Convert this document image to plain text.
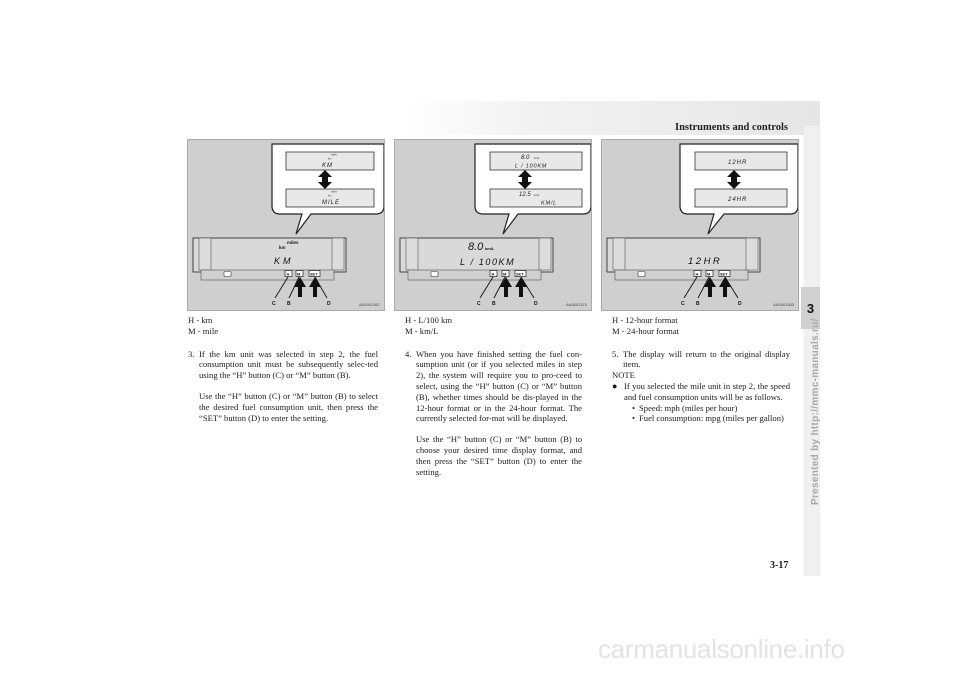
Instruments and controls
3
Presented by http://mmc-manuals.ru/
miles
km
KM
miles
km
MILE
miles
km
KM
H M	SET
C B	D	AA3001367
8.0 km/L
L / 100KM
12.5 km/L
KM/L
8.0 km/L
L / 100KM
H M	SET
C B	D	AA3001370
12HR
24HR
12HR
H M	SET
C B	D	AA3001383

H - km

M - mile

3. If the km unit was selected in step 2, the fuel consumption unit must be subsequently selec-ted using the “H” button (C) or “M” button (B).

Use the “H” button (C) or “M” button (B) to select the desired fuel consumption unit, then press the “SET” button (D) to enter the setting.

H - L/100 km

M - km/L

4. When you have finished setting the fuel con-sumption unit (or if you selected miles in step 2), the system will require you to pro-ceed to select, using the “H” button (C) or “M” button (B), whether times should be dis-played in the 12-hour format or in the 24-hour format. The currently selected for-mat will be displayed.

Use the “H” button (C) or “M” button (B) to choose your desired time display format, and then press the “SET” button (D) to enter the setting.

H - 12-hour format

M - 24-hour format

5. The display will return to the original display item.

NOTE

● If you selected the mile unit in step 2, the speed and fuel consumption units will be as follows.

• Speed: mph (miles per hour)
• Fuel consumption: mpg (miles per gallon)
3-17
carmanualsonline.info
